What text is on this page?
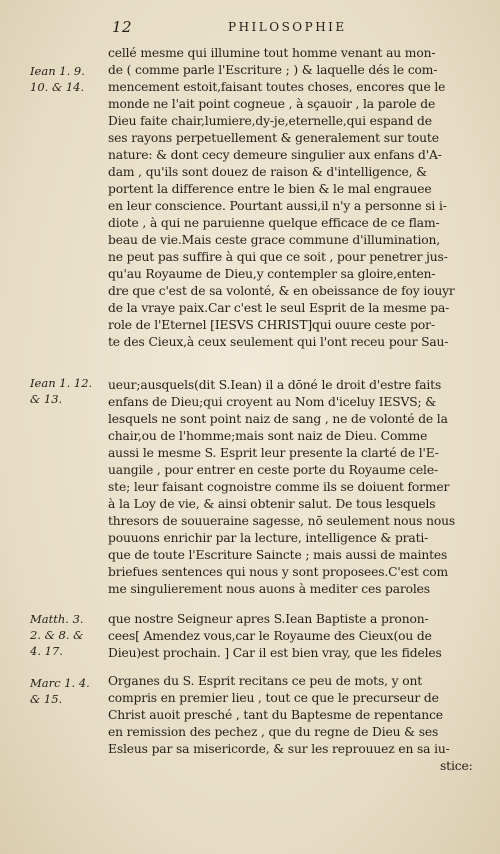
12	PHILOSOPHIE
Iean 1. 9.
10. & 14.
Iean 1. 12.
& 13.
Matth. 3.
2. & 8. &
4. 17.
Marc 1. 4.
& 15.
cellé mesme qui illumine tout homme venant au mon-
de ( comme parle l'Escriture ; ) & laquelle dés le com-
mencement estoit,faisant toutes choses, encores que le
monde ne l'ait point cogneue , à sçauoir , la parole de
Dieu faite chair,lumiere,dy-je,eternelle,qui espand de
ses rayons perpetuellement & generalement sur toute
nature: & dont cecy demeure singulier aux enfans d'A-
dam , qu'ils sont douez de raison & d'intelligence, &
portent la difference entre le bien & le mal engrauee
en leur conscience. Pourtant aussi,il n'y a personne si i-
diote , à qui ne paruienne quelque efficace de ce flam-
beau de vie.Mais ceste grace commune d'illumination,
ne peut pas suffire à qui que ce soit , pour penetrer jus-
qu'au Royaume de Dieu,y contempler sa gloire,enten-
dre que c'est de sa volonté, & en obeissance de foy iouyr
de la vraye paix.Car c'est le seul Esprit de la mesme pa-
role de l'Eternel [IESVS CHRIST]qui ouure ceste por-
te des Cieux,à ceux seulement qui l'ont receu pour Sau-
ueur;ausquels(dit S.Iean) il a dōné le droit d'estre faits
enfans de Dieu;qui croyent au Nom d'iceluy IESVS; &
lesquels ne sont point naiz de sang , ne de volonté de la
chair,ou de l'homme;mais sont naiz de Dieu. Comme
aussi le mesme S. Esprit leur presente la clarté de l'E-
uangile , pour entrer en ceste porte du Royaume cele-
ste; leur faisant cognoistre comme ils se doiuent former
à la Loy de vie, & ainsi obtenir salut. De tous lesquels
thresors de souueraine sagesse, nō seulement nous nous
pouuons enrichir par la lecture, intelligence & prati-
que de toute l'Escriture Saincte ; mais aussi de maintes
briefues sentences qui nous y sont proposees.C'est com
me singulierement nous auons à mediter ces paroles
que nostre Seigneur apres S.Iean Baptiste a pronon-
cees[ Amendez vous,car le Royaume des Cieux(ou de
Dieu)est prochain. ] Car il est bien vray, que les fideles
Organes du S. Esprit recitans ce peu de mots, y ont
compris en premier lieu , tout ce que le precurseur de
Christ auoit presché , tant du Baptesme de repentance
en remission des pechez , que du regne de Dieu & ses
Esleus par sa misericorde, & sur les reprouuez en sa iu-
stice:
